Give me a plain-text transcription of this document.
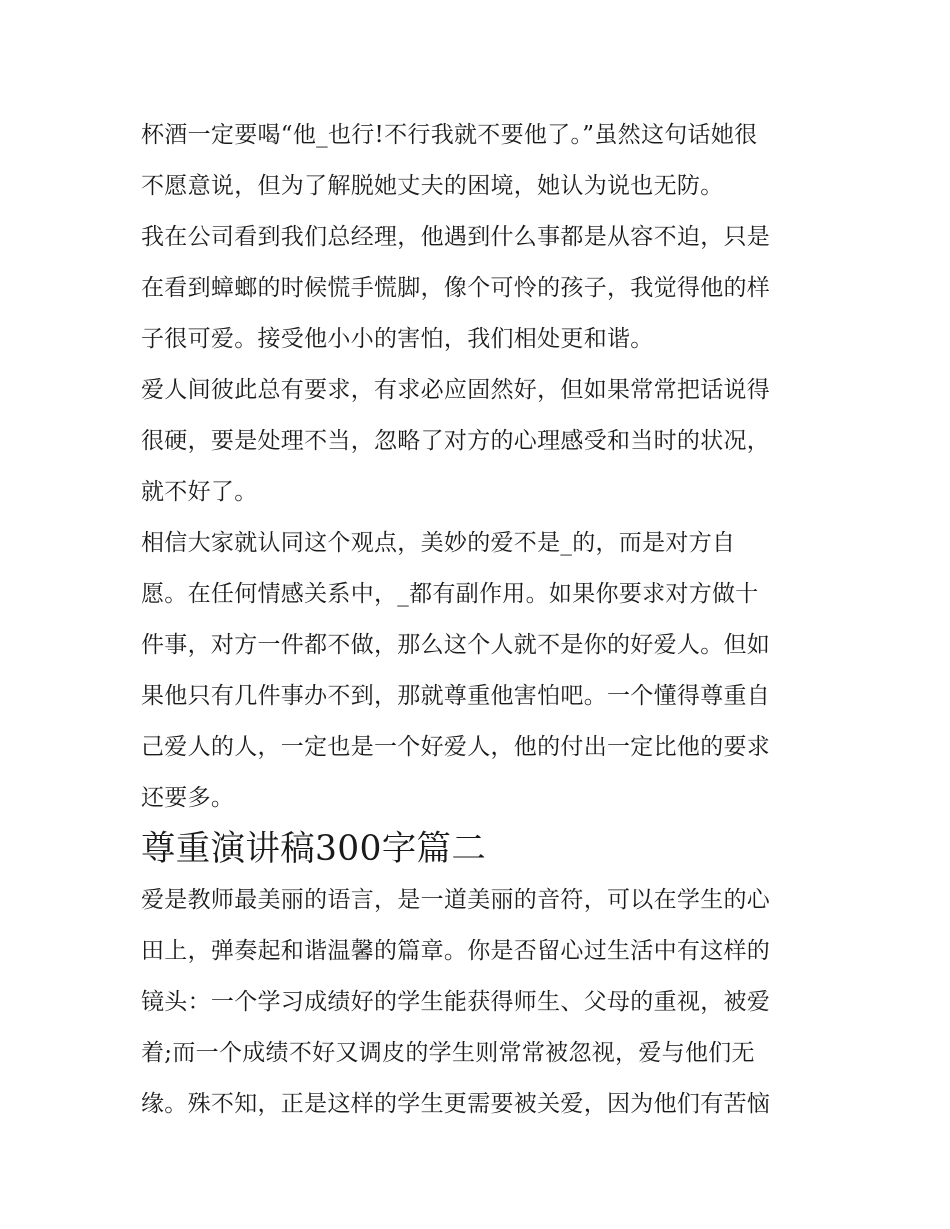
杯酒一定要喝“他_也行!不行我就不要他了。”虽然这句话她很
不愿意说，但为了解脱她丈夫的困境，她认为说也无防。

我在公司看到我们总经理，他遇到什么事都是从容不迫，只是
在看到蟑螂的时候慌手慌脚，像个可怜的孩子，我觉得他的样
子很可爱。接受他小小的害怕，我们相处更和谐。

爱人间彼此总有要求，有求必应固然好，但如果常常把话说得
很硬，要是处理不当，忽略了对方的心理感受和当时的状况，
就不好了。

相信大家就认同这个观点，美妙的爱不是_的，而是对方自
愿。在任何情感关系中，_都有副作用。如果你要求对方做十
件事，对方一件都不做，那么这个人就不是你的好爱人。但如
果他只有几件事办不到，那就尊重他害怕吧。一个懂得尊重自
己爱人的人，一定也是一个好爱人，他的付出一定比他的要求
还要多。

尊重演讲稿300字篇二

爱是教师最美丽的语言，是一道美丽的音符，可以在学生的心
田上，弹奏起和谐温馨的篇章。你是否留心过生活中有这样的
镜头：一个学习成绩好的学生能获得师生、父母的重视，被爱
着;而一个成绩不好又调皮的学生则常常被忽视，爱与他们无
缘。殊不知，正是这样的学生更需要被关爱，因为他们有苦恼
